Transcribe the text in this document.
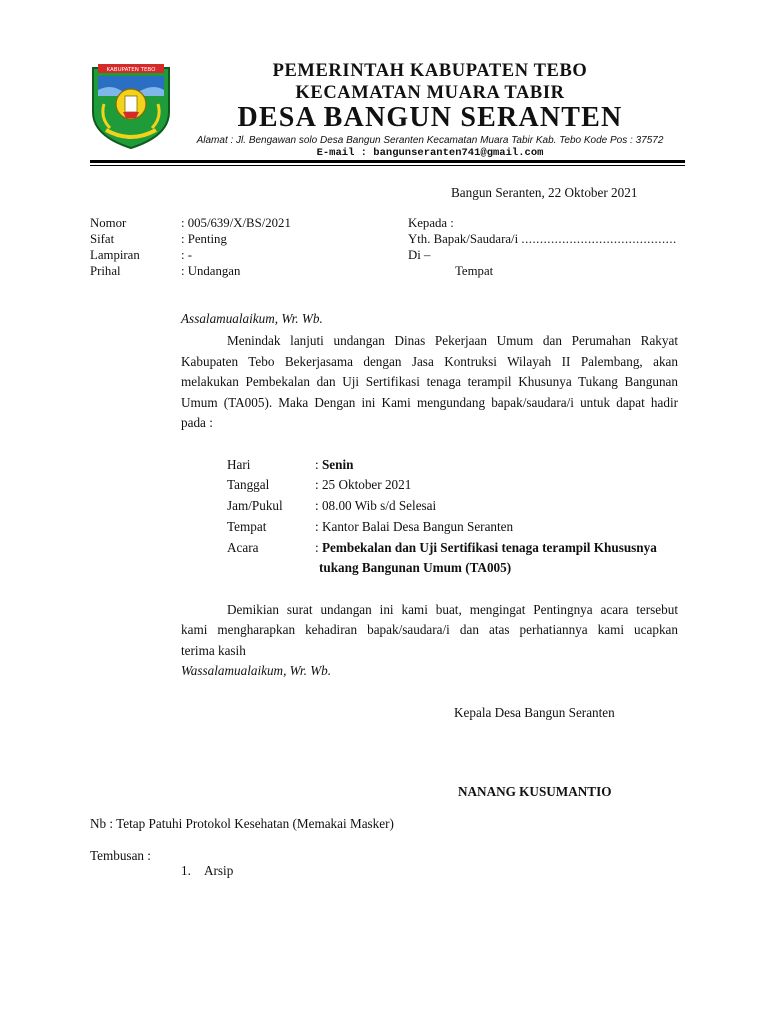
KABUPATEN TEBO	PEMERINTAH KABUPATEN TEBO
KECAMATAN MUARA TABIR
DESA BANGUN SERANTEN
Alamat : Jl. Bengawan solo Desa Bangun Seranten Kecamatan Muara Tabir Kab. Tebo Kode Pos : 37572
E-mail : bangunseranten741@gmail.com
Bangun Seranten, 22 Oktober 2021
Nomor	: 005/639/X/BS/2021
Sifat	: Penting
Lampiran	: -
Prihal	: Undangan
Kepada :
Yth. Bapak/Saudara/i ..........................................
Di –
Tempat
Assalamualaikum, Wr. Wb.
Menindak lanjuti undangan Dinas Pekerjaan Umum dan Perumahan Rakyat
Kabupaten Tebo Bekerjasama dengan Jasa Kontruksi Wilayah II Palembang, akan
melakukan Pembekalan dan Uji Sertifikasi tenaga terampil Khusunya Tukang Bangunan
Umum (TA005). Maka Dengan ini Kami mengundang bapak/saudara/i untuk dapat hadir
pada :
Hari	: Senin
Tanggal	: 25 Oktober 2021
Jam/Pukul : 08.00 Wib s/d Selesai
Tempat	: Kantor Balai Desa Bangun Seranten
Acara	: Pembekalan dan Uji Sertifikasi tenaga terampil Khususnya
tukang Bangunan Umum (TA005)
Demikian surat undangan ini kami buat, mengingat Pentingnya acara tersebut
kami mengharapkan kehadiran bapak/saudara/i dan atas perhatiannya kami ucapkan
terima kasih
Wassalamualaikum, Wr. Wb.
Kepala Desa Bangun Seranten
NANANG KUSUMANTIO
Nb : Tetap Patuhi Protokol Kesehatan (Memakai Masker)
Tembusan :
1. Arsip
